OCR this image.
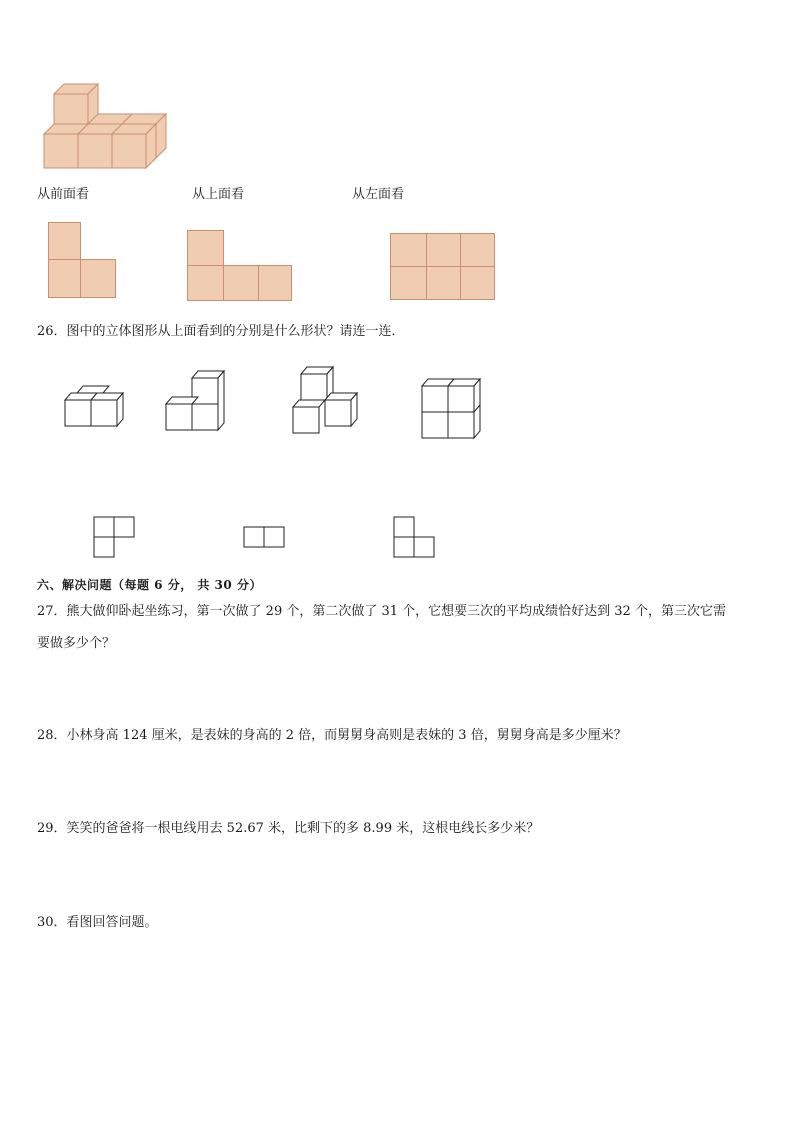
从前面看	从上面看	从左面看
26．图中的立体图形从上面看到的分别是什么形状？请连一连．
六、解决问题（每题 6 分， 共 30 分）
27．熊大做仰卧起坐练习，第一次做了 29 个，第二次做了 31 个，它想要三次的平均成绩恰好达到 32 个，第三次它需
要做多少个？
28．小林身高 124 厘米，是表妹的身高的 2 倍，而舅舅身高则是表妹的 3 倍，舅舅身高是多少厘米？
29．笑笑的爸爸将一根电线用去 52.67 米，比剩下的多 8.99 米，这根电线长多少米？
30．看图回答问题。
